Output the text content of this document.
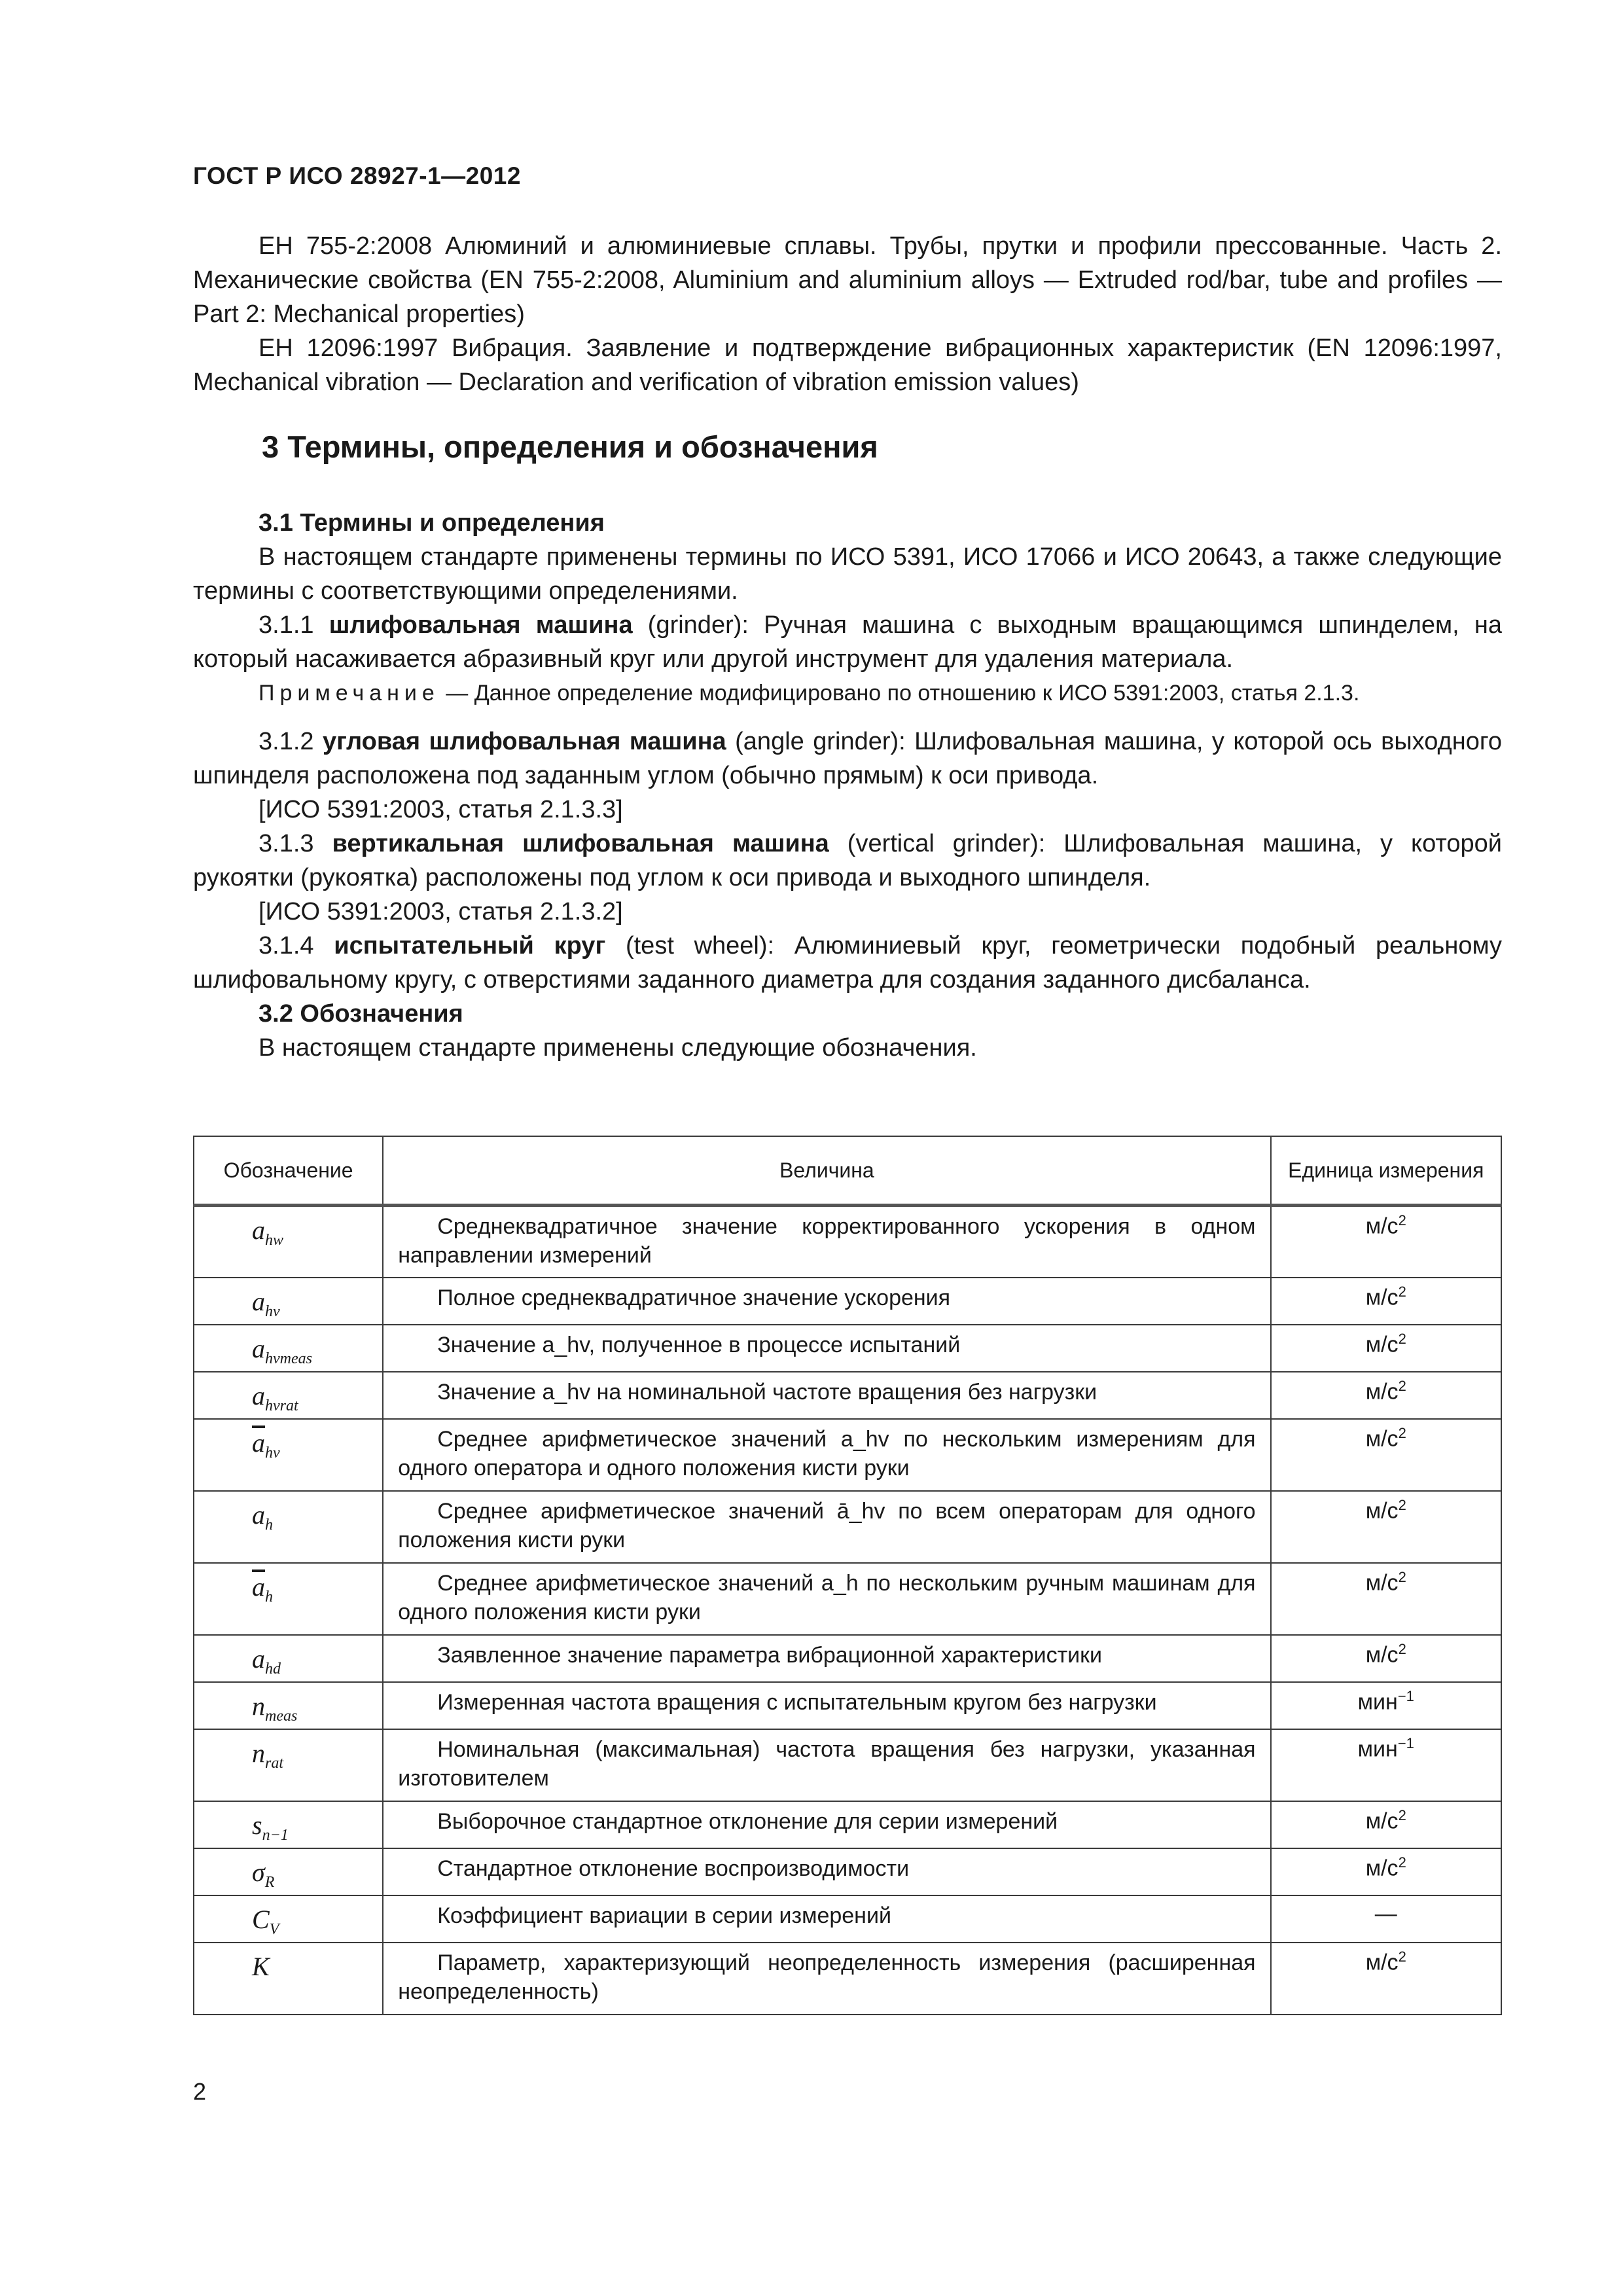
ГОСТ Р ИСО 28927-1—2012

ЕН 755-2:2008 Алюминий и алюминиевые сплавы. Трубы, прутки и профили прессованные. Часть 2. Механические свойства (EN 755-2:2008, Aluminium and aluminium alloys — Extruded rod/bar, tube and profiles — Part 2: Mechanical properties)

ЕН 12096:1997 Вибрация. Заявление и подтверждение вибрационных характеристик (EN 12096:1997, Mechanical vibration — Declaration and verification of vibration emission values)

3 Термины, определения и обозначения

3.1 Термины и определения

В настоящем стандарте применены термины по ИСО 5391, ИСО 17066 и ИСО 20643, а также следующие термины с соответствующими определениями.

3.1.1 шлифовальная машина (grinder): Ручная машина с выходным вращающимся шпинделем, на который насаживается абразивный круг или другой инструмент для удаления материала.

Примечание — Данное определение модифицировано по отношению к ИСО 5391:2003, статья 2.1.3.

3.1.2 угловая шлифовальная машина (angle grinder): Шлифовальная машина, у которой ось выходного шпинделя расположена под заданным углом (обычно прямым) к оси привода.

[ИСО 5391:2003, статья 2.1.3.3]

3.1.3 вертикальная шлифовальная машина (vertical grinder): Шлифовальная машина, у которой рукоятки (рукоятка) расположены под углом к оси привода и выходного шпинделя.

[ИСО 5391:2003, статья 2.1.3.2]

3.1.4 испытательный круг (test wheel): Алюминиевый круг, геометрически подобный реальному шлифовальному кругу, с отверстиями заданного диаметра для создания заданного дисбаланса.

3.2 Обозначения

В настоящем стандарте применены следующие обозначения.

Обозначение	Величина	Единица измерения
$a_{hw}$	Среднеквадратичное значение корректированного ускорения в одном направлении измерений	$м/с^2$
$a_{hv}$	Полное среднеквадратичное значение ускорения	$м/с^2$
$a_{hvmeas}$	Значение a_hv, полученное в процессе испытаний	$м/с^2$
$a_{hvrat}$	Значение a_hv на номинальной частоте вращения без нагрузки	$м/с^2$
$\overline{a}_{hv}$	Среднее арифметическое значений a_hv по нескольким измерениям для одного оператора и одного положения кисти руки	$м/с^2$
$a_h$	Среднее арифметическое значений ā_hv по всем операторам для одного положения кисти руки	$м/с^2$
$\overline{a}_h$	Среднее арифметическое значений a_h по нескольким ручным машинам для одного положения кисти руки	$м/с^2$
$a_{hd}$	Заявленное значение параметра вибрационной характеристики	$м/с^2$
$n_{meas}$	Измеренная частота вращения с испытательным кругом без нагрузки	мин$^{-1}$
$n_{rat}$	Номинальная (максимальная) частота вращения без нагрузки, указанная изготовителем	мин$^{-1}$
$s_{n-1}$	Выборочное стандартное отклонение для серии измерений	$м/с^2$
$\sigma_R$	Стандартное отклонение воспроизводимости	$м/с^2$
$C_V$	Коэффициент вариации в серии измерений	—
K	Параметр, характеризующий неопределенность измерения (расширенная неопределенность)	$м/с^2$
2
